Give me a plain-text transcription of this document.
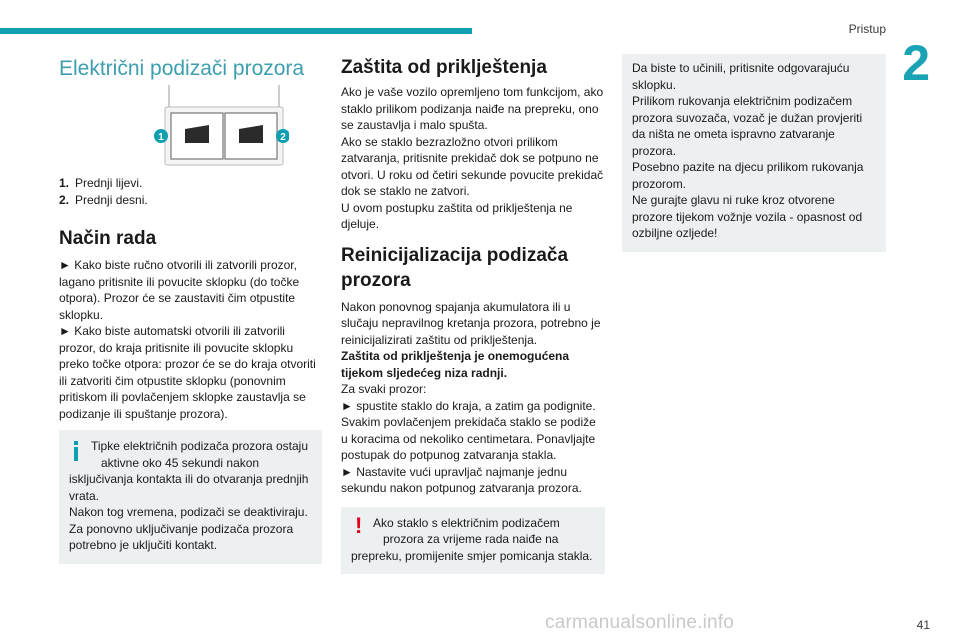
Pristup
2
Električni podizači prozora
1	2
1. Prednji lijevi.
2. Prednji desni.
Način rada

► Kako biste ručno otvorili ili zatvorili prozor, lagano pritisnite ili povucite sklopku (do točke otpora). Prozor će se zaustaviti čim otpustite sklopku.

► Kako biste automatski otvorili ili zatvorili prozor, do kraja pritisnite ili povucite sklopku preko točke otpora: prozor će se do kraja otvoriti ili zatvoriti čim otpustite sklopku (ponovnim pritiskom ili povlačenjem sklopke zaustavlja se podizanje ili spuštanje prozora).

Tipke električnih podizača prozora ostaju

aktivne oko 45 sekundi nakon

isključivanja kontakta ili do otvaranja prednjih vrata.

Nakon tog vremena, podizači se deaktiviraju. Za ponovno uključivanje podizača prozora potrebno je uključiti kontakt.

Zaštita od priklještenja

Ako je vaše vozilo opremljeno tom funkcijom, ako staklo prilikom podizanja naiđe na prepreku, ono se zaustavlja i malo spušta.

Ako se staklo bezrazložno otvori prilikom zatvaranja, pritisnite prekidač dok se potpuno ne otvori. U roku od četiri sekunde povucite prekidač dok se staklo ne zatvori.

U ovom postupku zaštita od priklještenja ne djeluje.

Reinicijalizacija podizača prozora

Nakon ponovnog spajanja akumulatora ili u slučaju nepravilnog kretanja prozora, potrebno je reinicijalizirati zaštitu od priklještenja.

Zaštita od priklještenja je onemogućena tijekom sljedećeg niza radnji.

Za svaki prozor:

► spustite staklo do kraja, a zatim ga podignite. Svakim povlačenjem prekidača staklo se podiže u koracima od nekoliko centimetara. Ponavljajte postupak do potpunog zatvaranja stakla.

► Nastavite vući upravljač najmanje jednu sekundu nakon potpunog zatvaranja prozora.

! Ako staklo s električnim podizačem

prozora za vrijeme rada naiđe na

prepreku, promijenite smjer pomicanja stakla.

Da biste to učinili, pritisnite odgovarajuću sklopku.

Prilikom rukovanja električnim podizačem prozora suvozača, vozač je dužan provjeriti da ništa ne ometa ispravno zatvaranje prozora.

Posebno pazite na djecu prilikom rukovanja prozorom.

Ne gurajte glavu ni ruke kroz otvorene prozore tijekom vožnje vozila - opasnost od ozbiljne ozljede!

carmanualsonline.info	41
